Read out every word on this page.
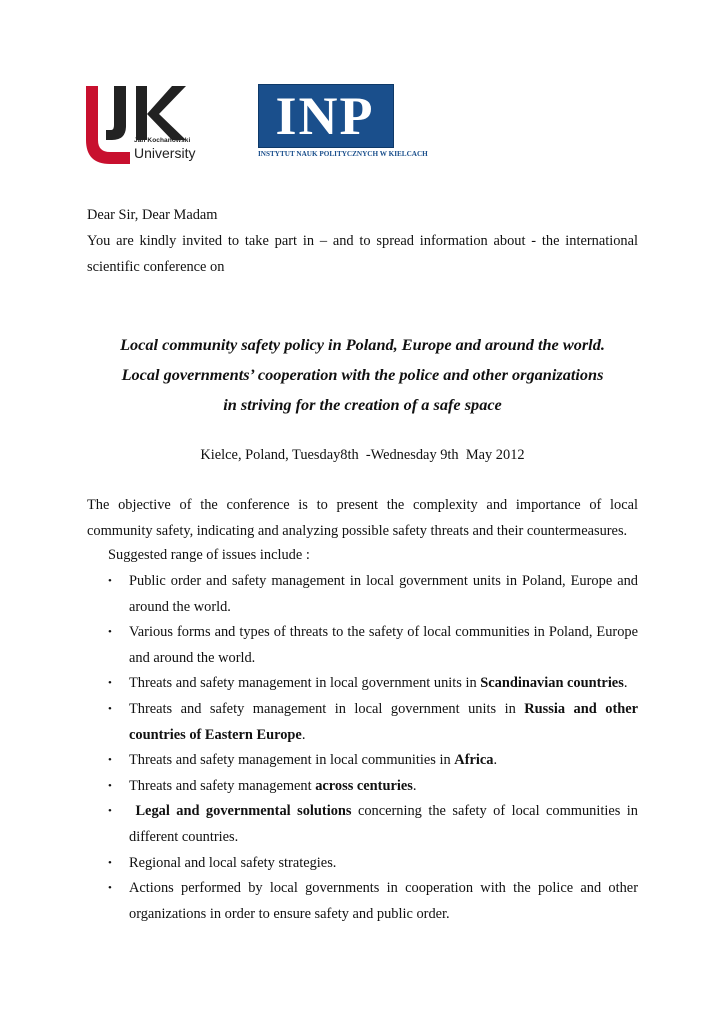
Jan Kochanowski
University
INP
INSTYTUT NAUK POLITYCZNYCH W KIELCACH
Dear Sir, Dear Madam
You are kindly invited to take part in – and to spread information about - the international scientific conference on
Local community safety policy in Poland, Europe and around the world.
Local governments’ cooperation with the police and other organizations
in striving for the creation of a safe space
Kielce, Poland, Tuesday8th  -Wednesday 9th  May 2012
The objective of the conference is to present the complexity and importance of local community safety, indicating and analyzing possible safety threats and their countermeasures.
Suggested range of issues include :
• Public order and safety management in local government units in Poland, Europe and around the world.
• Various forms and types of threats to the safety of local communities in Poland, Europe and around the world.
• Threats and safety management in local government units in Scandinavian countries.
• Threats and safety management in local government units in Russia and other countries of Eastern Europe.
• Threats and safety management in local communities in Africa.
• Threats and safety management across centuries.
• Legal and governmental solutions concerning the safety of local communities in different countries.
• Regional and local safety strategies.
• Actions performed by local governments in cooperation with the police and other organizations in order to ensure safety and public order.
